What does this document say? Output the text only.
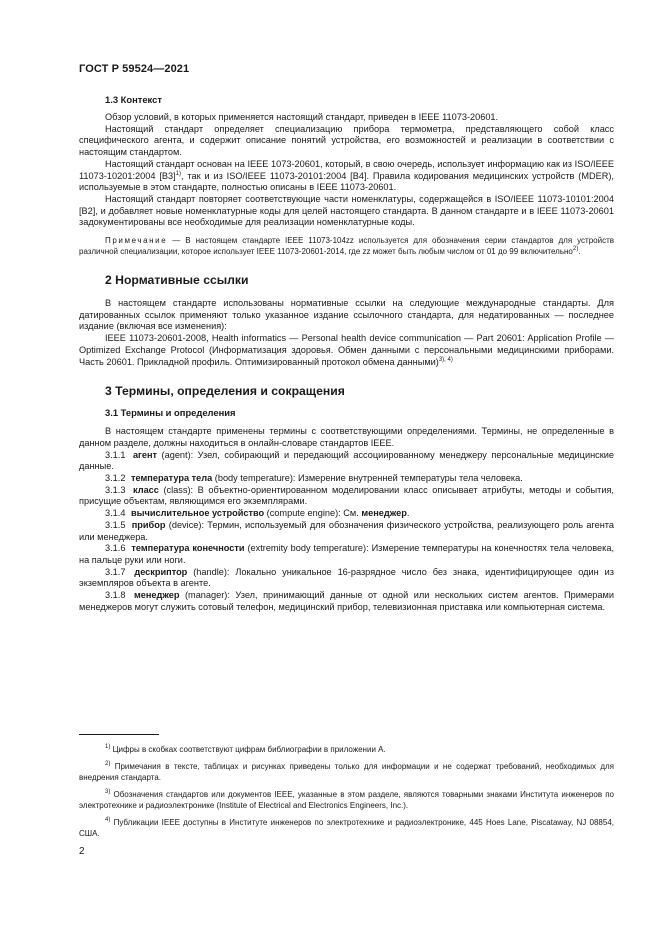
ГОСТ Р 59524—2021
1.3 Контекст
Обзор условий, в которых применяется настоящий стандарт, приведен в IEEE 11073-20601.
Настоящий стандарт определяет специализацию прибора термометра, представляющего собой класс специфического агента, и содержит описание понятий устройства, его возможностей и реализации в соответствии с настоящим стандартом.
Настоящий стандарт основан на IEEE 1073-20601, который, в свою очередь, использует информацию как из ISO/IEEE 11073-10201:2004 $[B3]^{1)}$, так и из ISO/IEEE 11073-20101:2004 [B4]. Правила кодирования медицинских устройств (MDER), используемые в этом стандарте, полностью описаны в IEEE 11073-20601.
Настоящий стандарт повторяет соответствующие части номенклатуры, содержащейся в ISO/IEEE 11073-10101:2004 [B2], и добавляет новые номенклатурные коды для целей настоящего стандарта. В данном стандарте и в IEEE 11073-20601 задокументированы все необходимые для реализации номенклатурные коды.
Примечание — В настоящем стандарте IEEE 11073-104zz используется для обозначения серии стандартов для устройств различной специализации, которое использует IEEE 11073-20601-2014, где zz может быть любым числом от 01 до 99 включительно$^{2)}$.
2 Нормативные ссылки
В настоящем стандарте использованы нормативные ссылки на следующие международные стандарты. Для датированных ссылок применяют только указанное издание ссылочного стандарта, для недатированных — последнее издание (включая все изменения):
IEEE 11073-20601-2008, Health informatics — Personal health device communication — Part 20601: Application Profile — Optimized Exchange Protocol (Информатизация здоровья. Обмен данными с персональными медицинскими приборами. Часть 20601. Прикладной профиль. Оптимизированный протокол обмена данными)$^{3), 4)}$
3 Термины, определения и сокращения
3.1 Термины и определения
В настоящем стандарте применены термины с соответствующими определениями. Термины, не определенные в данном разделе, должны находиться в онлайн-словаре стандартов IEEE.
3.1.1 агент (agent): Узел, собирающий и передающий ассоциированному менеджеру персональные медицинские данные.
3.1.2 температура тела (body temperature): Измерение внутренней температуры тела человека.
3.1.3 класс (class): В объектно-ориентированном моделировании класс описывает атрибуты, методы и события, присущие объектам, являющимся его экземплярами.
3.1.4 вычислительное устройство (compute engine): См. менеджер.
3.1.5 прибор (device): Термин, используемый для обозначения физического устройства, реализующего роль агента или менеджера.
3.1.6 температура конечности (extremity body temperature): Измерение температуры на конечностях тела человека, на пальце руки или ноги.
3.1.7 дескриптор (handle): Локально уникальное 16-разрядное число без знака, идентифицирующее один из экземпляров объекта в агенте.
3.1.8 менеджер (manager): Узел, принимающий данные от одной или нескольких систем агентов. Примерами менеджеров могут служить сотовый телефон, медицинский прибор, телевизионная приставка или компьютерная система.
$^{1)}$ Цифры в скобках соответствуют цифрам библиографии в приложении А.
$^{2)}$ Примечания в тексте, таблицах и рисунках приведены только для информации и не содержат требований, необходимых для внедрения стандарта.
$^{3)}$ Обозначения стандартов или документов IEEE, указанные в этом разделе, являются товарными знаками Института инженеров по электротехнике и радиоэлектронике (Institute of Electrical and Electronics Engineers, Inc.).
$^{4)}$ Публикации IEEE доступны в Институте инженеров по электротехнике и радиоэлектронике, 445 Hoes Lane, Piscataway, NJ 08854, США.
2
